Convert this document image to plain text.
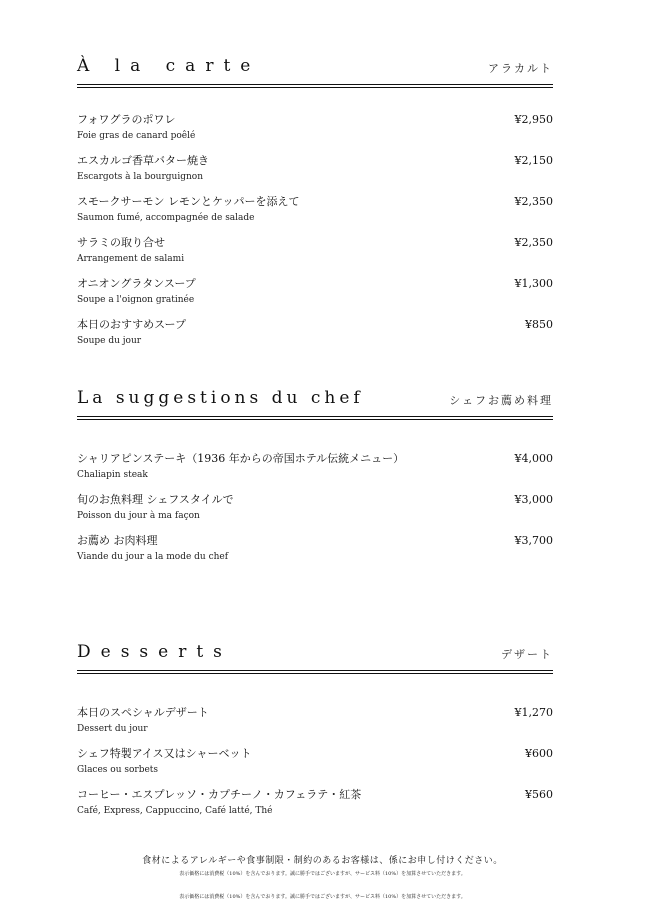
À la carte	アラカルト
フォワグラのポワレ
Foie gras de canard poêlé
¥2,950
エスカルゴ香草バター焼き
Escargots à la bourguignon
¥2,150
スモークサーモン レモンとケッパーを添えて
Saumon fumé, accompagnée de salade
¥2,350
サラミの取り合せ
Arrangement de salami
¥2,350
オニオングラタンスープ
Soupe a l'oignon gratinée
¥1,300
本日のおすすめスープ
Soupe du jour
¥850
La suggestions du chef	シェフお薦め料理
シャリアピンステーキ（1936 年からの帝国ホテル伝統メニュー）
Chaliapin steak
¥4,000
旬のお魚料理 シェフスタイルで
Poisson du jour à ma façon
¥3,000
お薦め お肉料理
Viande du jour a la mode du chef
¥3,700
Desserts	デザート
本日のスペシャルデザート
Dessert du jour
¥1,270
シェフ特製アイス又はシャーベット
Glaces ou sorbets
¥600
コーヒー・エスプレッソ・カプチーノ・カフェラテ・紅茶
Café, Express, Cappuccino, Café latté, Thé
¥560
食材によるアレルギーや食事制限・制約のあるお客様は、係にお申し付けください。
表示価格には消費税（10%）を含んでおります。誠に勝手ではございますが、サービス料（10%）を加算させていただきます。
表示価格には消費税（10%）を含んでおります。誠に勝手ではございますが、サービス料（10%）を加算させていただきます。
